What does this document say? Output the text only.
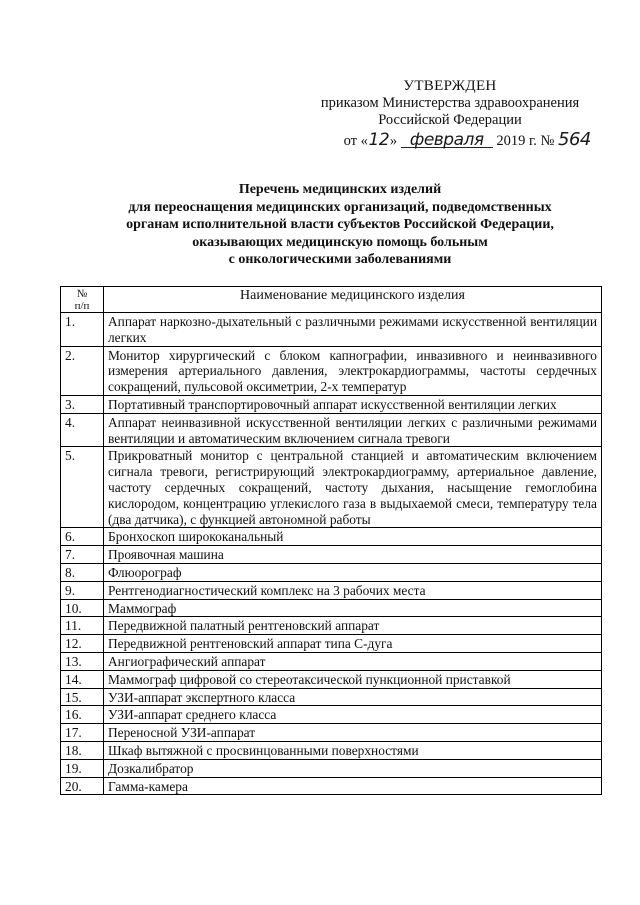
УТВЕРЖДЕН
приказом Министерства здравоохранения
Российской Федерации
от «12» февраля 2019 г. № 564
Перечень медицинских изделий
для переоснащения медицинских организаций, подведомственных
органам исполнительной власти субъектов Российской Федерации,
оказывающих медицинскую помощь больным
с онкологическими заболеваниями
№
п/п	Наименование медицинского изделия
1.	Аппарат наркозно-дыхательный с различными режимами искусственной вентиляции легких
2.	Монитор хирургический с блоком капнографии, инвазивного и неинвазивного измерения артериального давления, электрокардиограммы, частоты сердечных сокращений, пульсовой оксиметрии, 2-х температур
3.	Портативный транспортировочный аппарат искусственной вентиляции легких
4.	Аппарат неинвазивной искусственной вентиляции легких с различными режимами вентиляции и автоматическим включением сигнала тревоги
5.	Прикроватный монитор с центральной станцией и автоматическим включением сигнала тревоги, регистрирующий электрокардиограмму, артериальное давление, частоту сердечных сокращений, частоту дыхания, насыщение гемоглобина кислородом, концентрацию углекислого газа в выдыхаемой смеси, температуру тела (два датчика), с функцией автономной работы
6.	Бронхоскоп ширококанальный
7.	Проявочная машина
8.	Флюорограф
9.	Рентгенодиагностический комплекс на 3 рабочих места
10.	Маммограф
11.	Передвижной палатный рентгеновский аппарат
12.	Передвижной рентгеновский аппарат типа С-дуга
13.	Ангиографический аппарат
14.	Маммограф цифровой со стереотаксической пункционной приставкой
15.	УЗИ-аппарат экспертного класса
16.	УЗИ-аппарат среднего класса
17.	Переносной УЗИ-аппарат
18.	Шкаф вытяжной с просвинцованными поверхностями
19.	Дозкалибратор
20.	Гамма-камера
